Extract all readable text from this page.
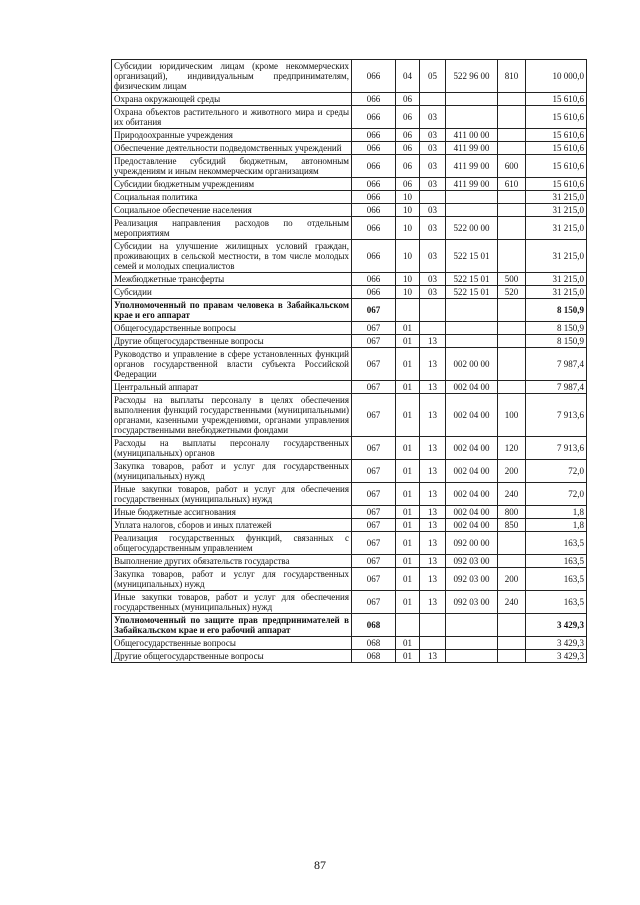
Субсидии юридическим лицам (кроме некоммерческих организаций), индивидуальным предпринимателям, физическим лицам	066	04	05	522 96 00	810	10 000,0
Охрана окружающей среды	066	06				15 610,6
Охрана объектов растительного и животного мира и среды их обитания	066	06	03			15 610,6
Природоохранные учреждения	066	06	03	411 00 00		15 610,6
Обеспечение деятельности подведомственных учреждений	066	06	03	411 99 00		15 610,6
Предоставление субсидий бюджетным, автономным учреждениям и иным некоммерческим организациям	066	06	03	411 99 00	600	15 610,6
Субсидии бюджетным учреждениям	066	06	03	411 99 00	610	15 610,6
Социальная политика	066	10				31 215,0
Социальное обеспечение населения	066	10	03			31 215,0
Реализация направления расходов по отдельным мероприятиям	066	10	03	522 00 00		31 215,0
Субсидии на улучшение жилищных условий граждан, проживающих в сельской местности, в том числе молодых семей и молодых специалистов	066	10	03	522 15 01		31 215,0
Межбюджетные трансферты	066	10	03	522 15 01	500	31 215,0
Субсидии	066	10	03	522 15 01	520	31 215,0
Уполномоченный по правам человека в Забайкальском крае и его аппарат	067					8 150,9
Общегосударственные вопросы	067	01				8 150,9
Другие общегосударственные вопросы	067	01	13			8 150,9
Руководство и управление в сфере установленных функций органов государственной власти субъекта Российской Федерации	067	01	13	002 00 00		7 987,4
Центральный аппарат	067	01	13	002 04 00		7 987,4
Расходы на выплаты персоналу в целях обеспечения выполнения функций государственными (муниципальными) органами, казенными учреждениями, органами управления государственными внебюджетными фондами	067	01	13	002 04 00	100	7 913,6
Расходы на выплаты персоналу государственных (муниципальных) органов	067	01	13	002 04 00	120	7 913,6
Закупка товаров, работ и услуг для государственных (муниципальных) нужд	067	01	13	002 04 00	200	72,0
Иные закупки товаров, работ и услуг для обеспечения государственных (муниципальных) нужд	067	01	13	002 04 00	240	72,0
Иные бюджетные ассигнования	067	01	13	002 04 00	800	1,8
Уплата налогов, сборов и иных платежей	067	01	13	002 04 00	850	1,8
Реализация государственных функций, связанных с общегосударственным управлением	067	01	13	092 00 00		163,5
Выполнение других обязательств государства	067	01	13	092 03 00		163,5
Закупка товаров, работ и услуг для государственных (муниципальных) нужд	067	01	13	092 03 00	200	163,5
Иные закупки товаров, работ и услуг для обеспечения государственных (муниципальных) нужд	067	01	13	092 03 00	240	163,5
Уполномоченный по защите прав предпринимателей в Забайкальском крае и его рабочий аппарат	068					3 429,3
Общегосударственные вопросы	068	01				3 429,3
Другие общегосударственные вопросы	068	01	13			3 429,3
87
